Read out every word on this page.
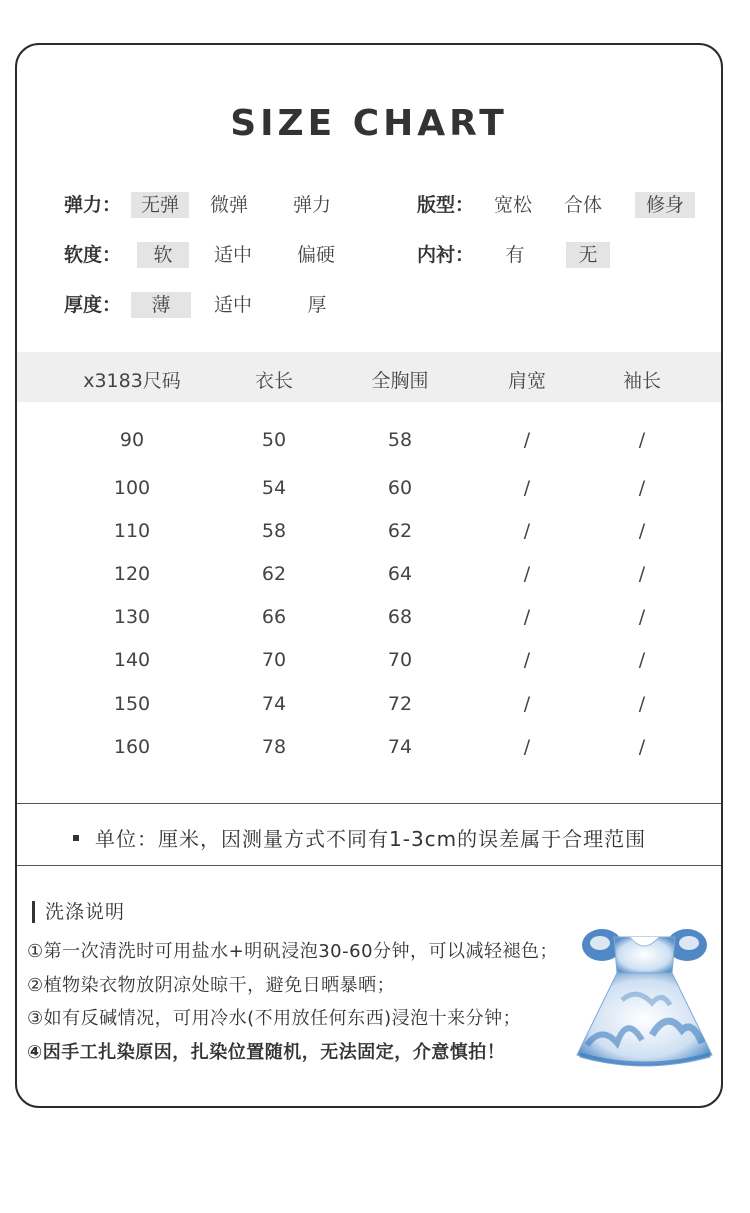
SIZE CHART
弹力：	无弹	微弹	弹力	版型：	宽松	合体	修身
软度：	软	适中	偏硬	内衬：	有	无
厚度：	薄	适中	厚
x3183尺码	衣长	全胸围	肩宽	袖长
90	50	58	/	/
100	54	60	/	/
110	58	62	/	/
120	62	64	/	/
130	66	68	/	/
140	70	70	/	/
150	74	72	/	/
160	78	74	/	/
单位：厘米，因测量方式不同有1-3cm的误差属于合理范围
洗涤说明
①第一次清洗时可用盐水+明矾浸泡30-60分钟，可以减轻褪色；
②植物染衣物放阴凉处晾干，避免日晒暴晒；
③如有反碱情况，可用冷水(不用放任何东西)浸泡十来分钟；
④因手工扎染原因，扎染位置随机，无法固定，介意慎拍！
